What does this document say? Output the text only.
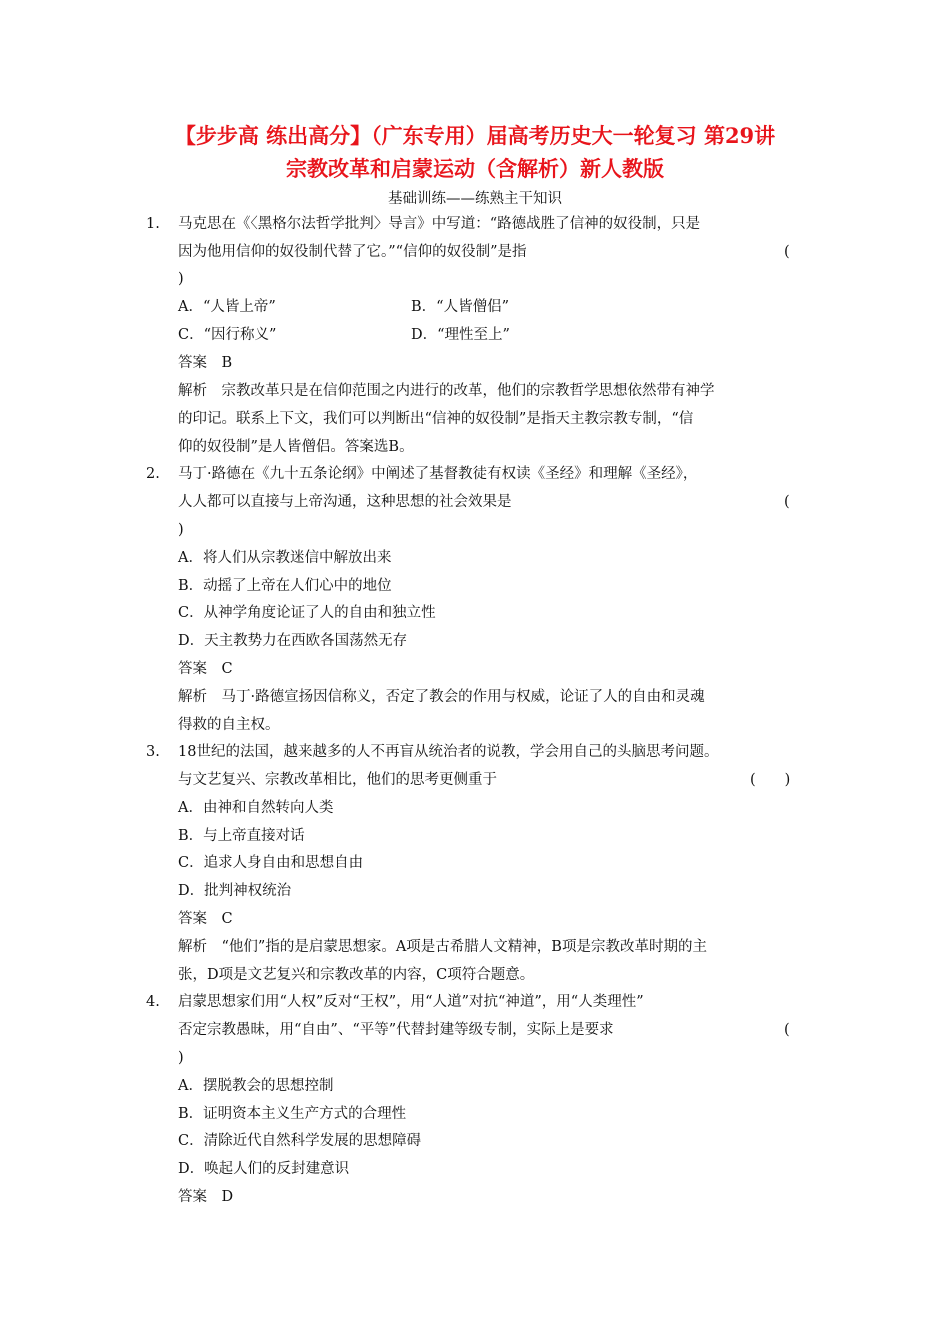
【步步高 练出高分】（广东专用）届高考历史大一轮复习 第29讲
宗教改革和启蒙运动（含解析）新人教版
基础训练——练熟主干知识
1. 马克思在《〈黑格尔法哲学批判〉导言》中写道：“路德战胜了信神的奴役制，只是
因为他用信仰的奴役制代替了它。”“信仰的奴役制”是指	(
)
A．“人皆上帝”	B．“人皆僧侣”
C．“因行称义”	D．“理性至上”
答案　B
解析　宗教改革只是在信仰范围之内进行的改革，他们的宗教哲学思想依然带有神学
的印记。联系上下文，我们可以判断出“信神的奴役制”是指天主教宗教专制，“信
仰的奴役制”是人皆僧侣。答案选B。
2. 马丁·路德在《九十五条论纲》中阐述了基督教徒有权读《圣经》和理解《圣经》，
人人都可以直接与上帝沟通，这种思想的社会效果是	(
)
A．将人们从宗教迷信中解放出来
B．动摇了上帝在人们心中的地位
C．从神学角度论证了人的自由和独立性
D．天主教势力在西欧各国荡然无存
答案　C
解析　马丁·路德宣扬因信称义，否定了教会的作用与权威，论证了人的自由和灵魂
得救的自主权。
3. 18世纪的法国，越来越多的人不再盲从统治者的说教，学会用自己的头脑思考问题。
与文艺复兴、宗教改革相比，他们的思考更侧重于	(　　)
A．由神和自然转向人类
B．与上帝直接对话
C．追求人身自由和思想自由
D．批判神权统治
答案　C
解析　“他们”指的是启蒙思想家。A项是古希腊人文精神，B项是宗教改革时期的主
张，D项是文艺复兴和宗教改革的内容，C项符合题意。
4. 启蒙思想家们用“人权”反对“王权”，用“人道”对抗“神道”，用“人类理性”
否定宗教愚昧，用“自由”、“平等”代替封建等级专制，实际上是要求	(
)
A．摆脱教会的思想控制
B．证明资本主义生产方式的合理性
C．清除近代自然科学发展的思想障碍
D．唤起人们的反封建意识
答案　D
